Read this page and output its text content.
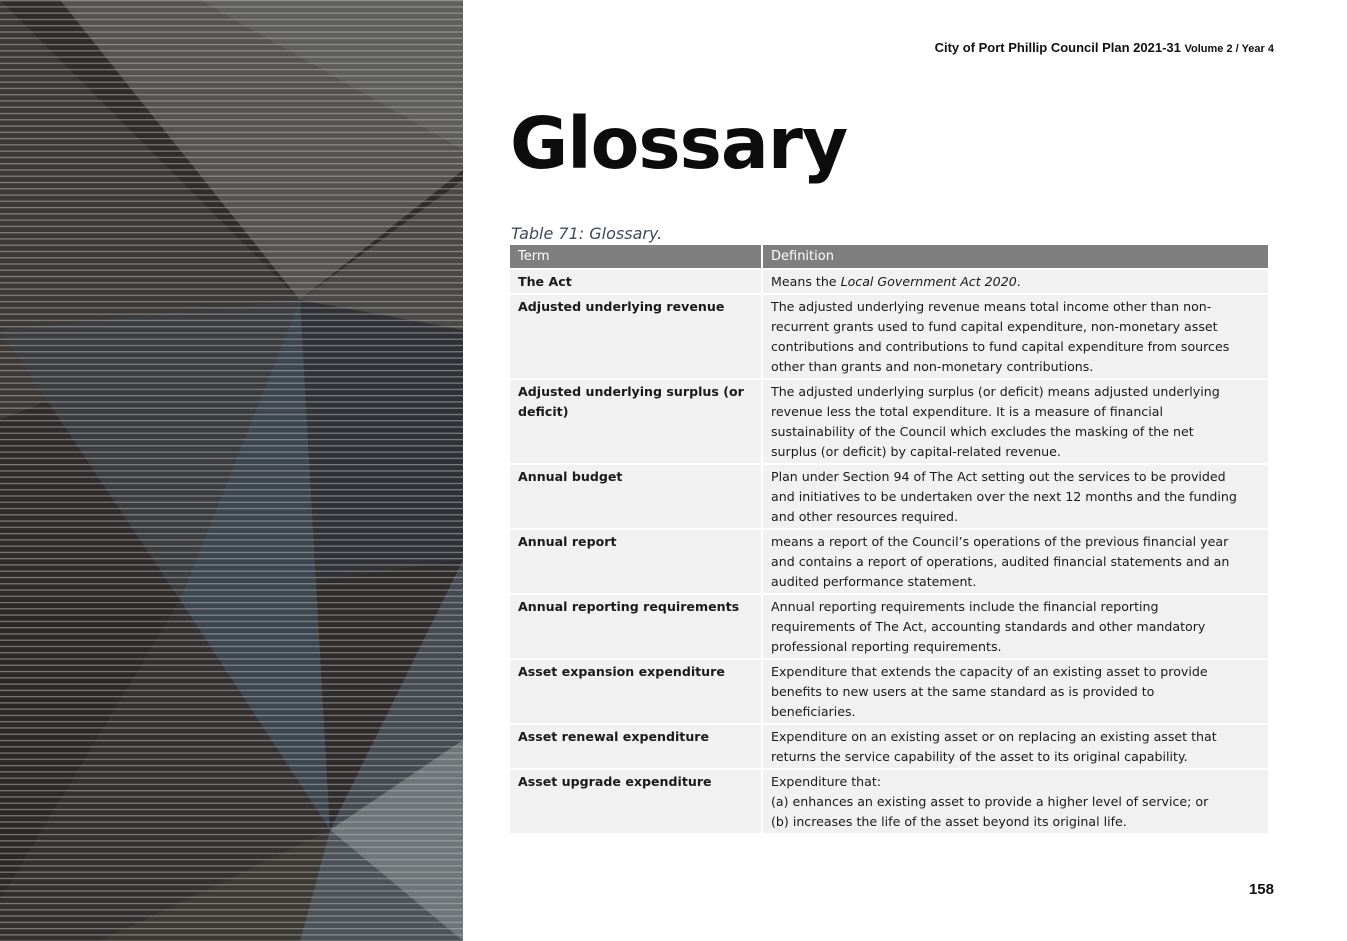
City of Port Phillip Council Plan 2021-31 Volume 2 / Year 4
Glossary
Table 71: Glossary.
Term	Definition
The Act	Means the Local Government Act 2020.
Adjusted underlying revenue	The adjusted underlying revenue means total income other than non-
recurrent grants used to fund capital expenditure, non-monetary asset
contributions and contributions to fund capital expenditure from sources
other than grants and non-monetary contributions.

Adjusted underlying surplus (or deficit)	The adjusted underlying surplus (or deficit) means adjusted underlying
revenue less the total expenditure. It is a measure of financial
sustainability of the Council which excludes the masking of the net
surplus (or deficit) by capital-related revenue.

Annual budget	Plan under Section 94 of The Act setting out the services to be provided
and initiatives to be undertaken over the next 12 months and the funding
and other resources required.

Annual report	means a report of the Council’s operations of the previous financial year
and contains a report of operations, audited financial statements and an
audited performance statement.

Annual reporting requirements	Annual reporting requirements include the financial reporting
requirements of The Act, accounting standards and other mandatory
professional reporting requirements.

Asset expansion expenditure	Expenditure that extends the capacity of an existing asset to provide
benefits to new users at the same standard as is provided to
beneficiaries.

Asset renewal expenditure	Expenditure on an existing asset or on replacing an existing asset that
returns the service capability of the asset to its original capability.

Asset upgrade expenditure	Expenditure that:
(a) enhances an existing asset to provide a higher level of service; or
(b) increases the life of the asset beyond its original life.
158
